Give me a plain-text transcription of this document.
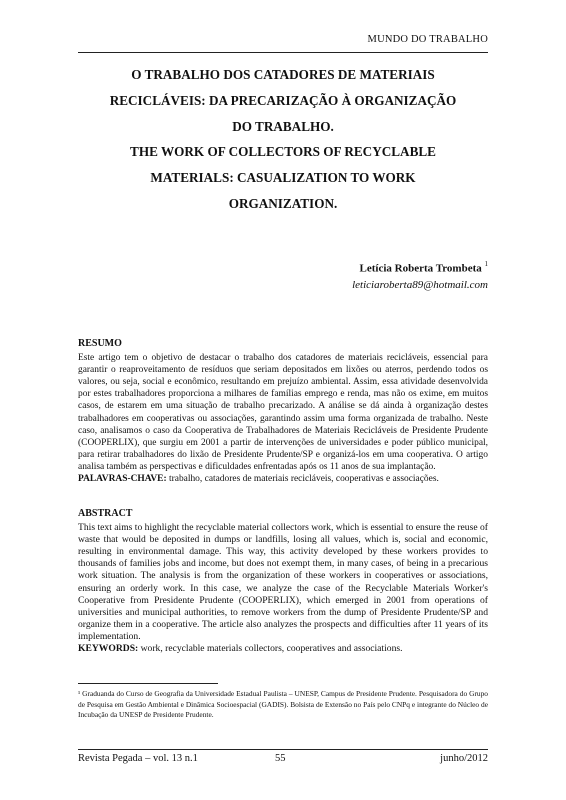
MUNDO DO TRABALHO
O TRABALHO DOS CATADORES DE MATERIAIS
RECICLÁVEIS: DA PRECARIZAÇÃO À ORGANIZAÇÃO
DO TRABALHO.
THE WORK OF COLLECTORS OF RECYCLABLE
MATERIALS: CASUALIZATION TO WORK
ORGANIZATION.
Letícia Roberta Trombeta $^1$
leticiaroberta89@hotmail.com
RESUMO
Este artigo tem o objetivo de destacar o trabalho dos catadores de materiais recicláveis, essencial para garantir o reaproveitamento de resíduos que seriam depositados em lixões ou aterros, perdendo todos os valores, ou seja, social e econômico, resultando em prejuízo ambiental. Assim, essa atividade desenvolvida por estes trabalhadores proporciona a milhares de famílias emprego e renda, mas não os exime, em muitos casos, de estarem em uma situação de trabalho precarizado. A análise se dá ainda à organização destes trabalhadores em cooperativas ou associações, garantindo assim uma forma organizada de trabalho. Neste caso, analisamos o caso da Cooperativa de Trabalhadores de Materiais Recicláveis de Presidente Prudente (COOPERLIX), que surgiu em 2001 a partir de intervenções de universidades e poder público municipal, para retirar trabalhadores do lixão de Presidente Prudente/SP e organizá-los em uma cooperativa. O artigo analisa também as perspectivas e dificuldades enfrentadas após os 11 anos de sua implantação.
PALAVRAS-CHAVE: trabalho, catadores de materiais recicláveis, cooperativas e associações.
ABSTRACT
This text aims to highlight the recyclable material collectors work, which is essential to ensure the reuse of waste that would be deposited in dumps or landfills, losing all values, which is, social and economic, resulting in environmental damage. This way, this activity developed by these workers provides to thousands of families jobs and income, but does not exempt them, in many cases, of being in a precarious work situation. The analysis is from the organization of these workers in cooperatives or associations, ensuring an orderly work. In this case, we analyze the case of the Recyclable Materials Worker's Cooperative from Presidente Prudente (COOPERLIX), which emerged in 2001 from operations of universities and municipal authorities, to remove workers from the dump of Presidente Prudente/SP and organize them in a cooperative. The article also analyzes the prospects and difficulties after 11 years of its implementation.
KEYWORDS: work, recyclable materials collectors, cooperatives and associations.
¹ Graduanda do Curso de Geografia da Universidade Estadual Paulista – UNESP, Campus de Presidente Prudente. Pesquisadora do Grupo de Pesquisa em Gestão Ambiental e Dinâmica Socioespacial (GADIS). Bolsista de Extensão no País pelo CNPq e integrante do Núcleo de Incubação da UNESP de Presidente Prudente.
Revista Pegada – vol. 13 n.1	55	junho/2012
